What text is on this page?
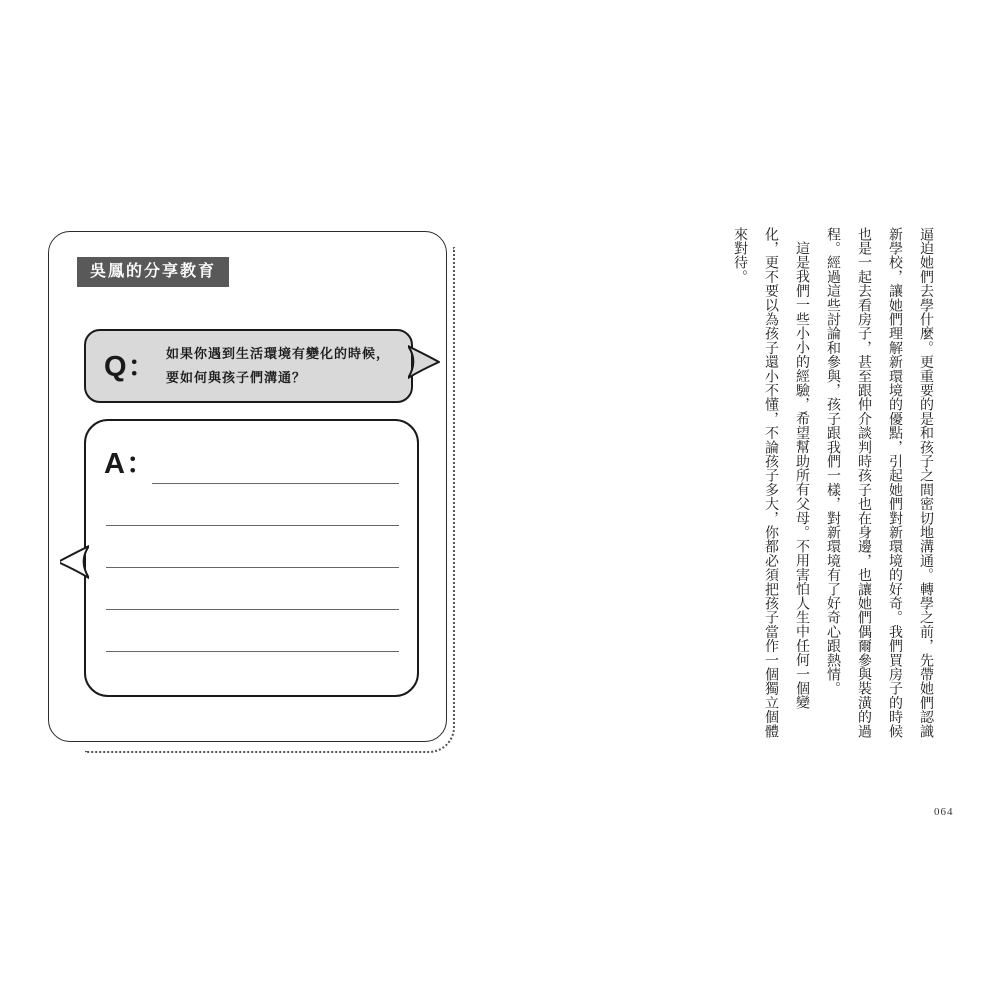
吳鳳的分享教育
Q： 如果你遇到生活環境有變化的時候，
要如何與孩子們溝通？
A：	逼迫她們去學什麼。更重要的是和孩子之間密切地溝通。轉學之前，先帶她們認識
新學校，讓她們理解新環境的優點，引起她們對新環境的好奇。我們買房子的時候
也是一起去看房子，甚至跟仲介談判時孩子也在身邊，也讓她們偶爾參與裝潢的過
程。經過這些討論和參與，孩子跟我們一樣，對新環境有了好奇心跟熱情。
這是我們一些小小的經驗，希望幫助所有父母。不用害怕人生中任何一個變
化，更不要以為孩子還小不懂，不論孩子多大，你都必須把孩子當作一個獨立個體
來對待。
064
